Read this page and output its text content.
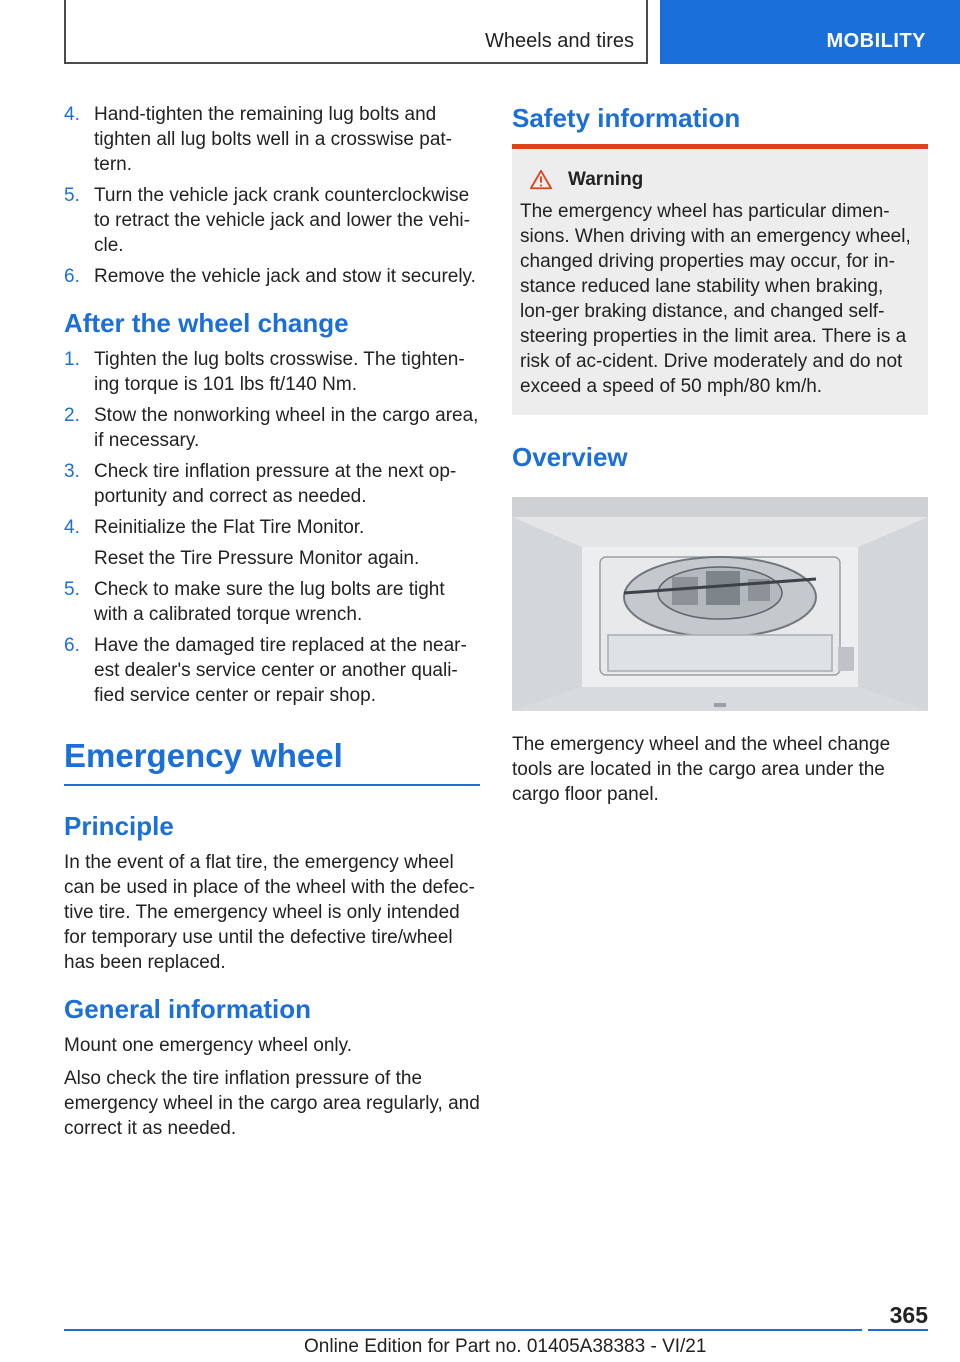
Wheels and tires	MOBILITY
4. Hand-tighten the remaining lug bolts and tighten all lug bolts well in a crosswise pat‐tern.
5. Turn the vehicle jack crank counterclockwise to retract the vehicle jack and lower the vehi‐cle.
6. Remove the vehicle jack and stow it securely.
After the wheel change
1. Tighten the lug bolts crosswise. The tighten‐ing torque is 101 lbs ft/140 Nm.
2. Stow the nonworking wheel in the cargo area, if necessary.
3. Check tire inflation pressure at the next op‐portunity and correct as needed.
4. Reinitialize the Flat Tire Monitor.
Reset the Tire Pressure Monitor again.
5. Check to make sure the lug bolts are tight with a calibrated torque wrench.
6. Have the damaged tire replaced at the near‐est dealer's service center or another quali‐fied service center or repair shop.
Emergency wheel
Principle

In the event of a flat tire, the emergency wheel can be used in place of the wheel with the defec‐tive tire. The emergency wheel is only intended for temporary use until the defective tire/wheel has been replaced.

General information

Mount one emergency wheel only.

Also check the tire inflation pressure of the emergency wheel in the cargo area regularly, and correct it as needed.

Safety information
Warning
The emergency wheel has particular dimen‐sions. When driving with an emergency wheel, changed driving properties may occur, for in‐stance reduced lane stability when braking, lon‐ger braking distance, and changed self-steering properties in the limit area. There is a risk of ac‐cident. Drive moderately and do not exceed a speed of 50 mph/80 km/h.
Overview

The emergency wheel and the wheel change tools are located in the cargo area under the cargo floor panel.

365
Online Edition for Part no. 01405A38383 - VI/21
